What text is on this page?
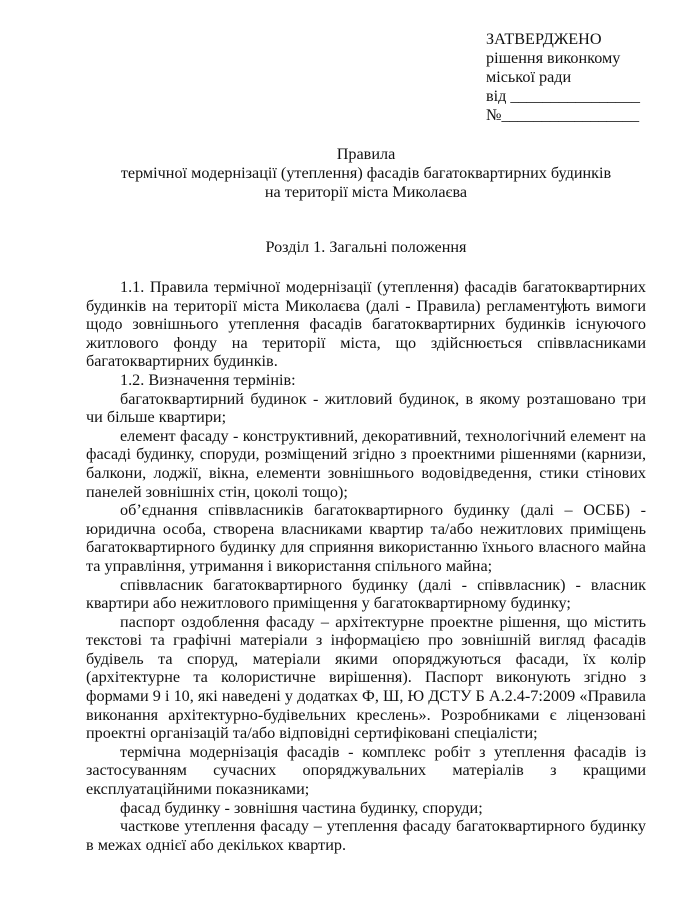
ЗАТВЕРДЖЕНО
рішення виконкому
міської ради
від ________________
№_________________
Правила
термічної модернізації (утеплення) фасадів багатоквартирних будинків
на території міста Миколаєва
Розділ 1. Загальні положення

1.1. Правила термічної модернізації (утеплення) фасадів багатоквартирних будинків на території міста Миколаєва (далі - Правила) регламентують вимоги щодо зовнішнього утеплення фасадів багатоквартирних будинків існуючого житлового фонду на території міста, що здійснюється співвласниками багатоквартирних будинків.

1.2. Визначення термінів:

багатоквартирний будинок - житловий будинок, в якому розташовано три чи більше квартири;

елемент фасаду - конструктивний, декоративний, технологічний елемент на фасаді будинку, споруди, розміщений згідно з проектними рішеннями (карнизи, балкони, лоджії, вікна, елементи зовнішнього водовідведення, стики стінових панелей зовнішніх стін, цоколі тощо);

об’єднання співвласників багатоквартирного будинку (далі – ОСББ) - юридична особа, створена власниками квартир та/або нежитлових приміщень багатоквартирного будинку для сприяння використанню їхнього власного майна та управління, утримання і використання спільного майна;

співвласник багатоквартирного будинку (далі - співвласник) - власник квартири або нежитлового приміщення у багатоквартирному будинку;

паспорт оздоблення фасаду – архітектурне проектне рішення, що містить текстові та графічні матеріали з інформацією про зовнішній вигляд фасадів будівель та споруд, матеріали якими опоряджуються фасади, їх колір (архітектурне та колористичне вирішення). Паспорт виконують згідно з формами 9 і 10, які наведені у додатках Ф, Ш, Ю ДСТУ Б А.2.4-7:2009 «Правила виконання архітектурно-будівельних креслень». Розробниками є ліцензовані проектні організацій та/або відповідні сертифіковані спеціалісти;

термічна модернізація фасадів - комплекс робіт з утеплення фасадів із застосуванням сучасних опоряджувальних матеріалів з кращими експлуатаційними показниками;

фасад будинку - зовнішня частина будинку, споруди;

часткове утеплення фасаду – утеплення фасаду багатоквартирного будинку в межах однієї або декількох квартир.
